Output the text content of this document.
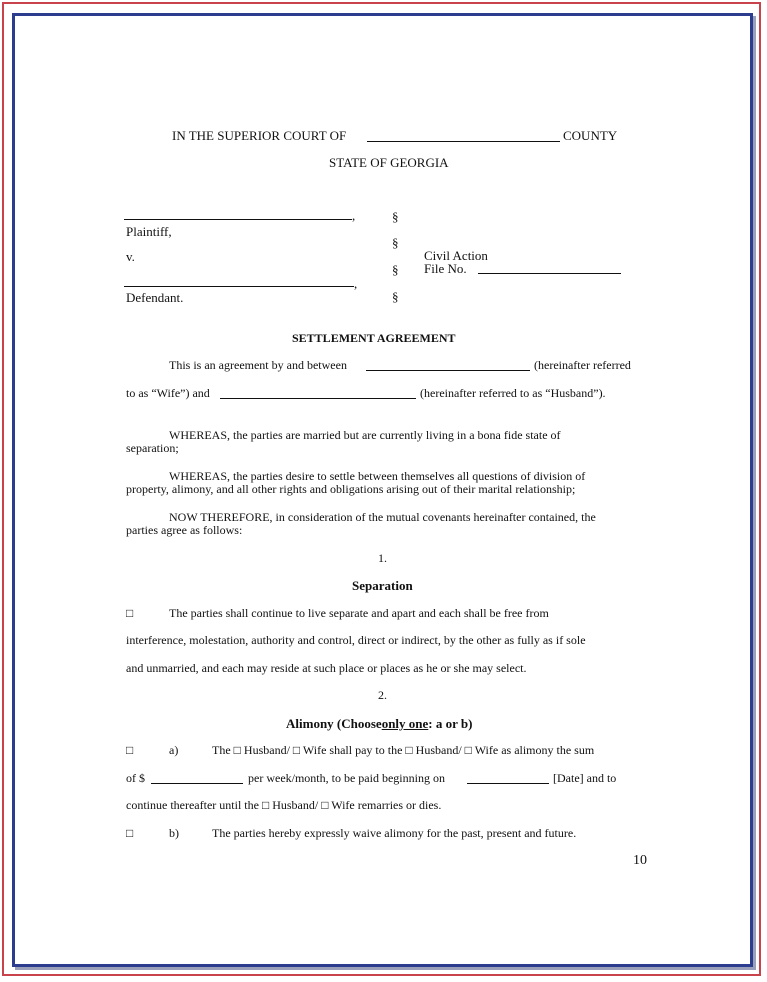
IN THE SUPERIOR COURT OF	COUNTY
STATE OF GEORGIA
,
Plaintiff,
v.
,
Defendant.
§
§
§
§
Civil Action
File No.
SETTLEMENT AGREEMENT
This is an agreement by and between	(hereinafter referred
to as “Wife”) and	(hereinafter referred to as “Husband”).
WHEREAS, the parties are married but are currently living in a bona fide state of
separation;
WHEREAS, the parties desire to settle between themselves all questions of division of
property, alimony, and all other rights and obligations arising out of their marital relationship;
NOW THEREFORE, in consideration of the mutual covenants hereinafter contained, the
parties agree as follows:
1.
Separation
□	The parties shall continue to live separate and apart and each shall be free from
interference, molestation, authority and control, direct or indirect, by the other as fully as if sole
and unmarried, and each may reside at such place or places as he or she may select.
2.
Alimony (Chooseonly one: a or b)
□	a)	The □ Husband/ □ Wife shall pay to the □ Husband/ □ Wife as alimony the sum
of $	per week/month, to be paid beginning on	[Date] and to
continue thereafter until the □ Husband/ □ Wife remarries or dies.
□	b)	The parties hereby expressly waive alimony for the past, present and future.
10
